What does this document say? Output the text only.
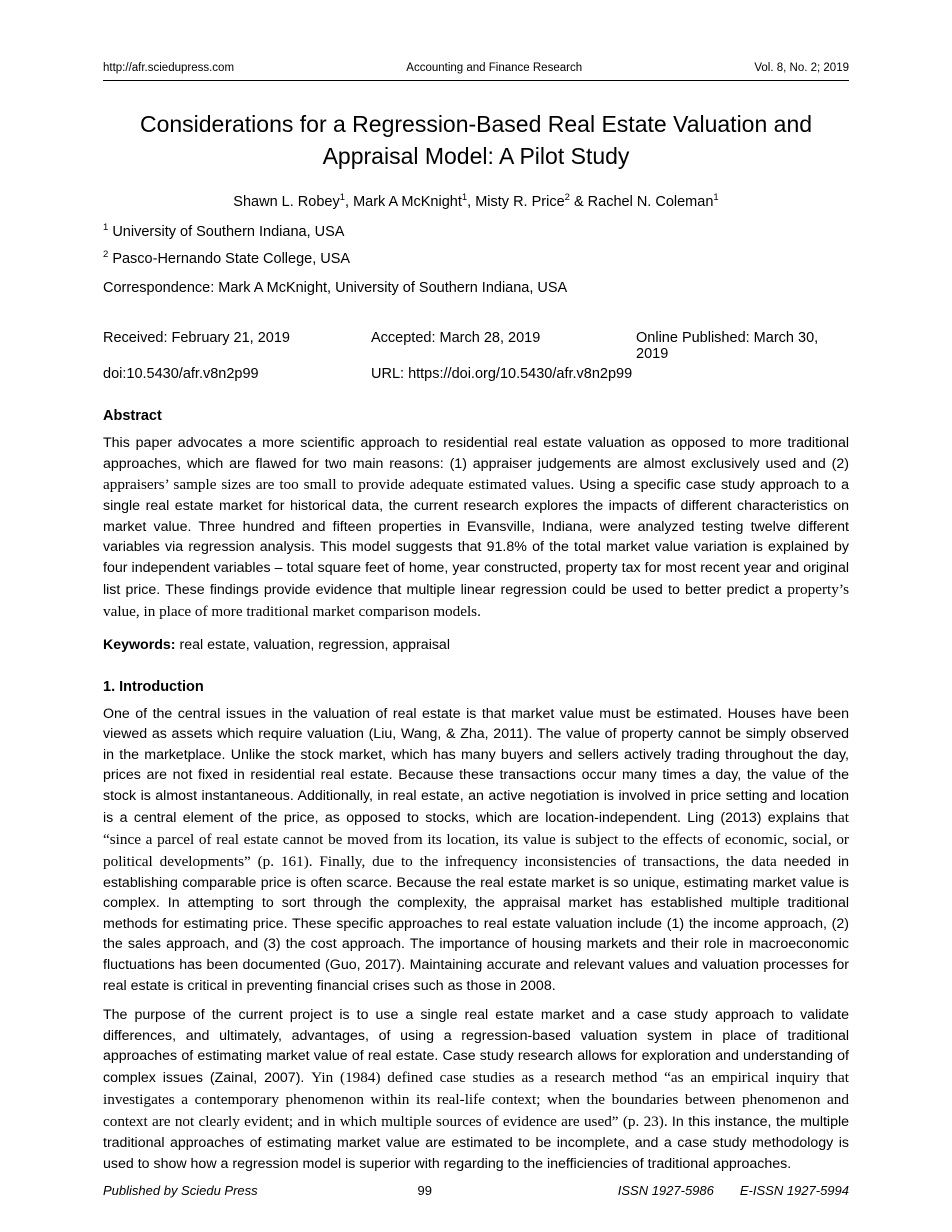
http://afr.sciedupress.com	Accounting and Finance Research	Vol. 8, No. 2; 2019
Considerations for a Regression-Based Real Estate Valuation and Appraisal Model: A Pilot Study
Shawn L. Robey$^1$, Mark A McKnight$^1$, Misty R. Price$^2$ & Rachel N. Coleman$^1$
$^1$ University of Southern Indiana, USA
$^2$ Pasco-Hernando State College, USA
Correspondence: Mark A McKnight, University of Southern Indiana, USA
Received: February 21, 2019	Accepted: March 28, 2019	Online Published: March 30, 2019
doi:10.5430/afr.v8n2p99	URL: https://doi.org/10.5430/afr.v8n2p99
Abstract

This paper advocates a more scientific approach to residential real estate valuation as opposed to more traditional approaches, which are flawed for two main reasons: (1) appraiser judgements are almost exclusively used and (2) appraisers’ sample sizes are too small to provide adequate estimated values. Using a specific case study approach to a single real estate market for historical data, the current research explores the impacts of different characteristics on market value. Three hundred and fifteen properties in Evansville, Indiana, were analyzed testing twelve different variables via regression analysis. This model suggests that 91.8% of the total market value variation is explained by four independent variables – total square feet of home, year constructed, property tax for most recent year and original list price. These findings provide evidence that multiple linear regression could be used to better predict a property’s value, in place of more traditional market comparison models.

Keywords: real estate, valuation, regression, appraisal

1. Introduction

One of the central issues in the valuation of real estate is that market value must be estimated. Houses have been viewed as assets which require valuation (Liu, Wang, & Zha, 2011). The value of property cannot be simply observed in the marketplace. Unlike the stock market, which has many buyers and sellers actively trading throughout the day, prices are not fixed in residential real estate. Because these transactions occur many times a day, the value of the stock is almost instantaneous. Additionally, in real estate, an active negotiation is involved in price setting and location is a central element of the price, as opposed to stocks, which are location-independent. Ling (2013) explains that “since a parcel of real estate cannot be moved from its location, its value is subject to the effects of economic, social, or political developments” (p. 161). Finally, due to the infrequency inconsistencies of transactions, the data needed in establishing comparable price is often scarce. Because the real estate market is so unique, estimating market value is complex. In attempting to sort through the complexity, the appraisal market has established multiple traditional methods for estimating price. These specific approaches to real estate valuation include (1) the income approach, (2) the sales approach, and (3) the cost approach. The importance of housing markets and their role in macroeconomic fluctuations has been documented (Guo, 2017). Maintaining accurate and relevant values and valuation processes for real estate is critical in preventing financial crises such as those in 2008.

The purpose of the current project is to use a single real estate market and a case study approach to validate differences, and ultimately, advantages, of using a regression-based valuation system in place of traditional approaches of estimating market value of real estate. Case study research allows for exploration and understanding of complex issues (Zainal, 2007). Yin (1984) defined case studies as a research method “as an empirical inquiry that investigates a contemporary phenomenon within its real-life context; when the boundaries between phenomenon and context are not clearly evident; and in which multiple sources of evidence are used” (p. 23). In this instance, the multiple traditional approaches of estimating market value are estimated to be incomplete, and a case study methodology is used to show how a regression model is superior with regarding to the inefficiencies of traditional approaches.

Published by Sciedu Press	99	ISSN 1927-5986 E-ISSN 1927-5994
